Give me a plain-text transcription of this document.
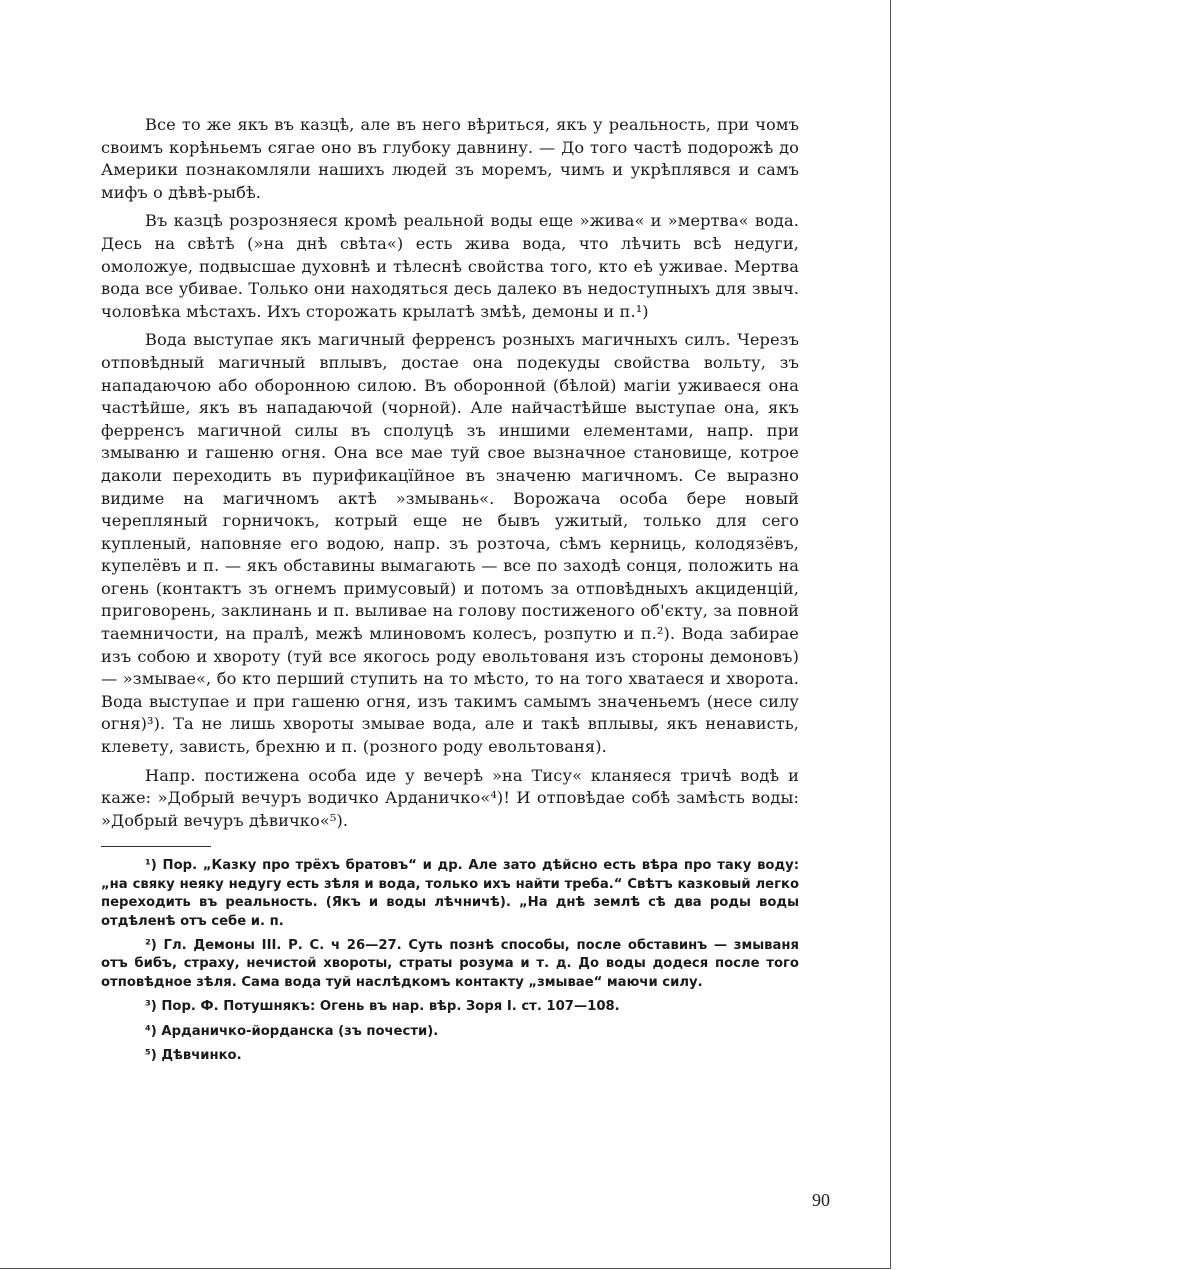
Все то же якъ въ казцѣ, але въ него вѣриться, якъ у реальность, при чомъ своимъ корѣньемъ сягае оно въ глубоку давнину. — До того частѣ подорожѣ до Америки познакомляли нашихъ людей зъ моремъ, чимъ и укрѣплявся и самъ мифъ о дѣвѣ-рыбѣ.

Въ казцѣ розрозняеся кромѣ реальной воды еще »жива« и »мертва« вода. Десь на свѣтѣ (»на днѣ свѣта«) есть жива вода, что лѣчить всѣ недуги, омоложуе, подвысшае духовнѣ и тѣлеснѣ свойства того, кто еѣ уживае. Мертва вода все убивае. Только они находяться десь далеко въ недоступныхъ для звыч. чоловѣка мѣстахъ. Ихъ сторожать крылатѣ змѣѣ, демоны и п.¹)

Вода выступае якъ магичный ферренсъ розныхъ магичныхъ силъ. Черезъ отповѣдный магичный вплывъ, достае она подекуды свойства вольту, зъ нападаючою або оборонною силою. Въ оборонной (бѣлой) магіи уживаеся она частѣйше, якъ въ нападаючой (чорной). Але найчастѣйше выступае она, якъ ферренсъ магичной силы въ сполуцѣ зъ иншими елементами, напр. при змываню и гашеню огня. Она все мае туй свое вызначное становище, котрое даколи переходить въ пурификацїйное въ значеню магичномъ. Се выразно видиме на магичномъ актѣ »змывань«. Ворожача особа бере новый черепляный горничокъ, котрый еще не бывъ ужитый, только для сего купленый, наповняе его водою, напр. зъ розточа, сѣмъ керниць, колодязёвъ, купелёвъ и п. — якъ обставины вымагають — все по заходѣ сонця, положить на огень (контактъ зъ огнемъ примусовый) и потомъ за отповѣдныхъ акциденцій, приговорень, заклинань и п. выливае на голову постиженого об'єкту, за повной таемничости, на пралѣ, межѣ млиновомъ колесъ, розпутю и п.²). Вода забирае изъ собою и хвороту (туй все якогось роду евольтованя изъ стороны демоновъ) — »змывае«, бо кто перший ступить на то мѣсто, то на того хватаеся и хворота. Вода выступае и при гашеню огня, изъ такимъ самымъ значеньемъ (несе силу огня)³). Та не лишь хвороты змывае вода, але и такѣ вплывы, якъ ненависть, клевету, зависть, брехню и п. (розного роду евольтованя).

Напр. постижена особа иде у вечерѣ »на Тису« кланяеся тричѣ водѣ и каже: »Добрый вечуръ водичко Арданичко«⁴)! И отповѣдае собѣ замѣсть воды: »Добрый вечуръ дѣвичко«⁵).

¹) Пор. „Казку про трёхъ братовъ“ и др. Але зато дѣйсно есть вѣра про таку воду: „на свяку неяку недугу есть зѣля и вода, только ихъ найти треба.“ Свѣтъ казковый легко переходить въ реальность. (Якъ и воды лѣчничѣ). „На днѣ землѣ сѣ два роды воды отдѣленѣ отъ себе и. п.

²) Гл. Демоны III. Р. С. ч 26—27. Суть познѣ способы, после обставинъ — змываня отъ бибъ, страху, нечистой хвороты, страты розума и т. д. До воды додеся после того отповѣдное зѣля. Сама вода туй наслѣдкомъ контакту „змывае“ маючи силу.

³) Пор. Ф. Потушнякъ: Огень въ нар. вѣр. Зоря I. ст. 107—108.

⁴) Арданичко-йорданска (зъ почести).

⁵) Дѣвчинко.

90
